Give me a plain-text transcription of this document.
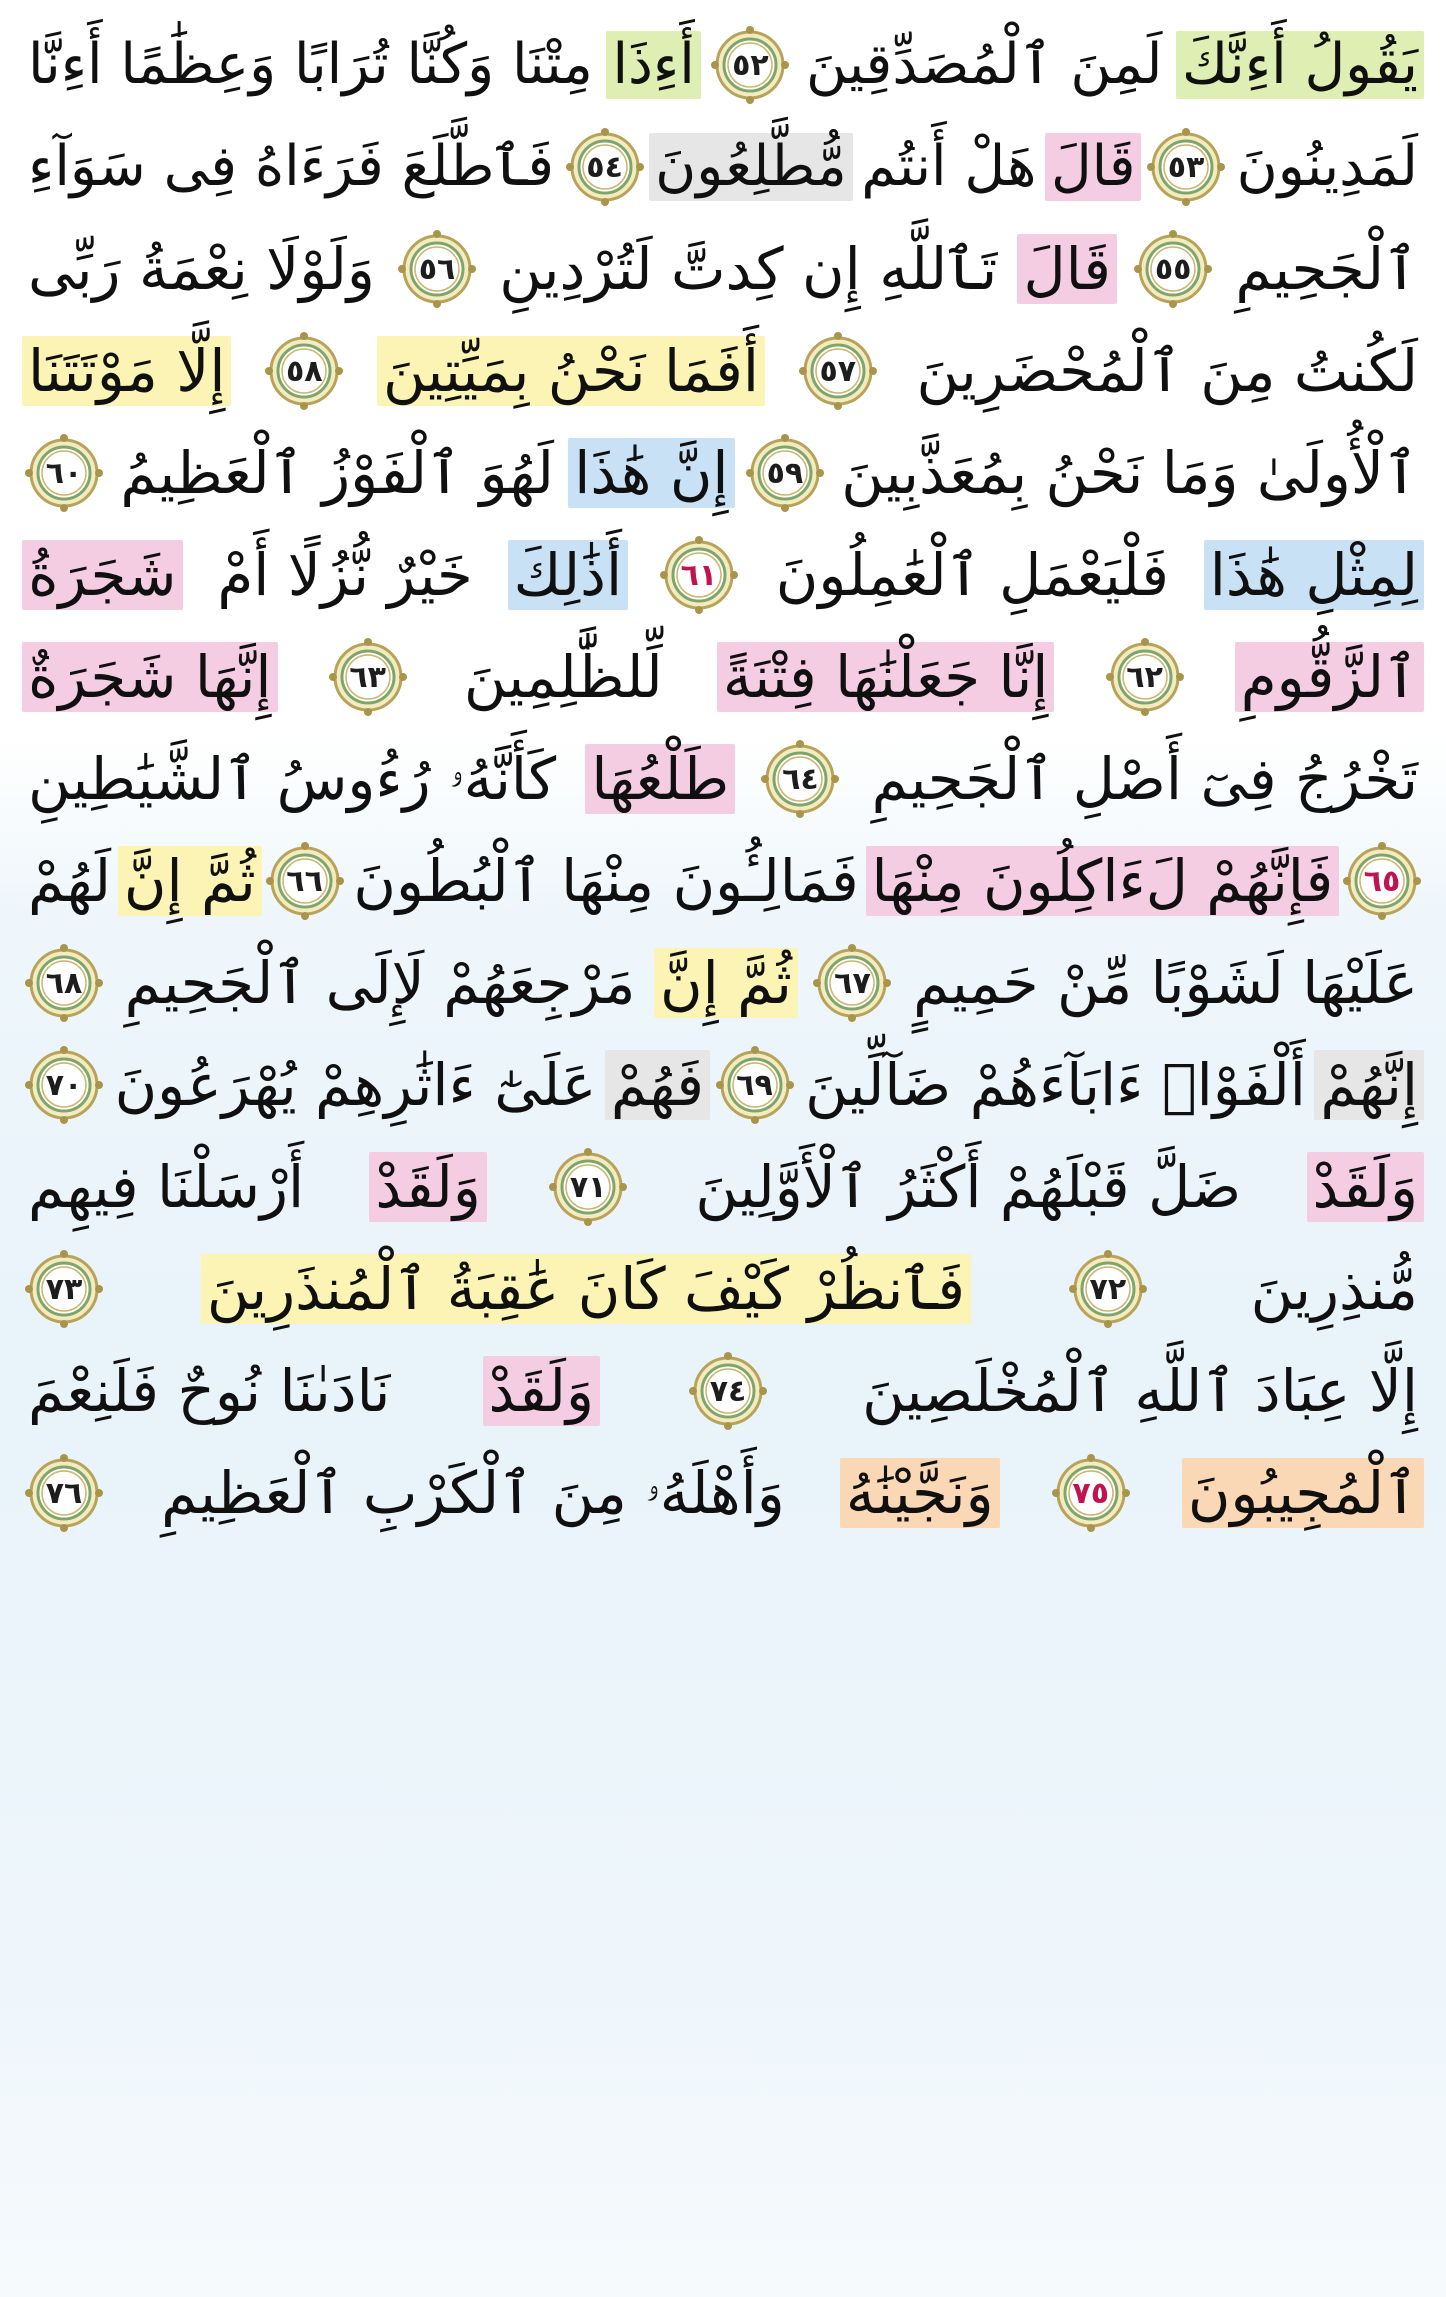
يَقُولُ أَءِنَّكَ
لَمِنَ ٱلْمُصَدِّقِينَ
٥٢
أَءِذَا
مِتْنَا وَكُنَّا تُرَابًا وَعِظَٰمًا أَءِنَّا
لَمَدِينُونَ
٥٣
قَالَ
هَلْ أَنتُم
مُّطَّلِعُونَ
٥٤
فَٱطَّلَعَ فَرَءَاهُ فِى سَوَآءِ
ٱلْجَحِيمِ
٥٥
قَالَ
تَٱللَّهِ إِن كِدتَّ لَتُرْدِينِ
٥٦
وَلَوْلَا نِعْمَةُ رَبِّى
لَكُنتُ مِنَ ٱلْمُحْضَرِينَ
٥٧
أَفَمَا نَحْنُ بِمَيِّتِينَ
٥٨
إِلَّا مَوْتَتَنَا
ٱلْأُولَىٰ وَمَا نَحْنُ بِمُعَذَّبِينَ
٥٩
إِنَّ هَٰذَا
لَهُوَ ٱلْفَوْزُ ٱلْعَظِيمُ
٦٠
لِمِثْلِ هَٰذَا
فَلْيَعْمَلِ ٱلْعَٰمِلُونَ
٦١
أَذَٰلِكَ
خَيْرٌ نُّزُلًا أَمْ
شَجَرَةُ
ٱلزَّقُّومِ
٦٢
إِنَّا جَعَلْنَٰهَا فِتْنَةً
لِّلظَّٰلِمِينَ
٦٣
إِنَّهَا شَجَرَةٌ
تَخْرُجُ فِىٓ أَصْلِ ٱلْجَحِيمِ
٦٤
طَلْعُهَا
كَأَنَّهُۥ رُءُوسُ ٱلشَّيَٰطِينِ
٦٥
فَإِنَّهُمْ لَءَاكِلُونَ مِنْهَا
فَمَالِـُٔونَ مِنْهَا ٱلْبُطُونَ
٦٦
ثُمَّ إِنَّ
لَهُمْ
عَلَيْهَا لَشَوْبًا مِّنْ حَمِيمٍ
٦٧
ثُمَّ إِنَّ
مَرْجِعَهُمْ لَإِلَى ٱلْجَحِيمِ
٦٨
إِنَّهُمْ
أَلْفَوْا۟ ءَابَآءَهُمْ ضَآلِّينَ
٦٩
فَهُمْ
عَلَىٰٓ ءَاثَٰرِهِمْ يُهْرَعُونَ
٧٠
وَلَقَدْ
ضَلَّ قَبْلَهُمْ أَكْثَرُ ٱلْأَوَّلِينَ
٧١
وَلَقَدْ
أَرْسَلْنَا فِيهِم
مُّنذِرِينَ
٧٢
فَٱنظُرْ كَيْفَ كَانَ عَٰقِبَةُ ٱلْمُنذَرِينَ
٧٣
إِلَّا عِبَادَ ٱللَّهِ ٱلْمُخْلَصِينَ
٧٤
وَلَقَدْ
نَادَىٰنَا نُوحٌ فَلَنِعْمَ
ٱلْمُجِيبُونَ
٧٥
وَنَجَّيْنَٰهُ
وَأَهْلَهُۥ مِنَ ٱلْكَرْبِ ٱلْعَظِيمِ
٧٦
